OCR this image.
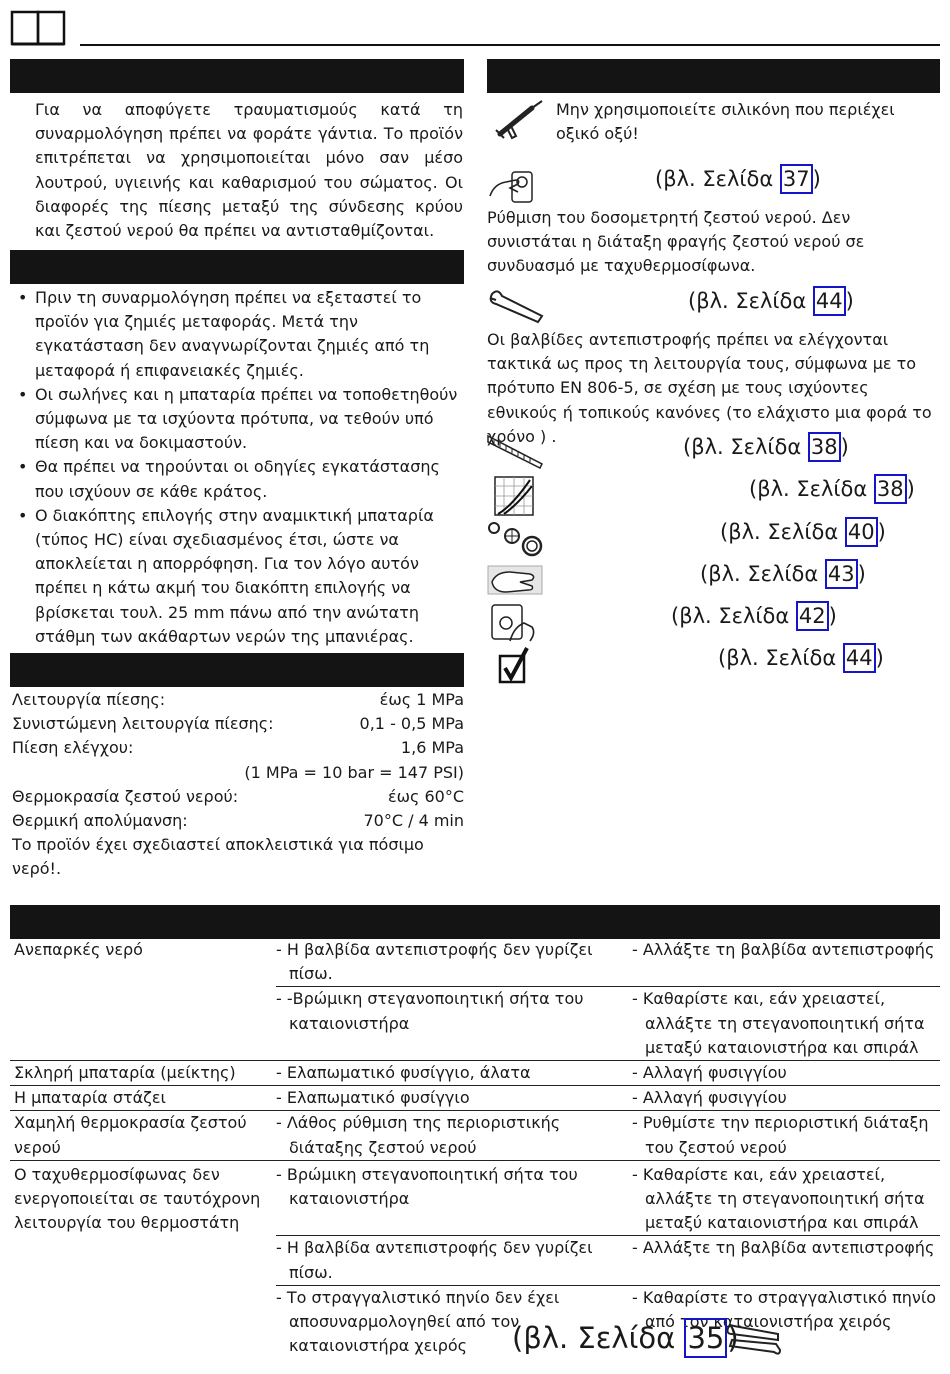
Για να αποφύγετε τραυματισμούς κατά τη συναρμολόγηση πρέπει να φοράτε γάντια. Το προϊόν επιτρέπεται να χρησιμοποιείται μόνο σαν μέσο λουτρού, υγιεινής και καθαρισμού του σώματος. Οι διαφορές της πίεσης μεταξύ της σύνδεσης κρύου και ζεστού νερού θα πρέπει να αντισταθμίζονται.

• Πριν τη συναρμολόγηση πρέπει να εξεταστεί το προϊόν για ζημιές μεταφοράς. Μετά την εγκατάσταση δεν αναγνωρίζονται ζημιές από τη μεταφορά ή επιφανειακές ζημιές.
• Οι σωλήνες και η μπαταρία πρέπει να τοποθετηθούν σύμφωνα με τα ισχύοντα πρότυπα, να τεθούν υπό πίεση και να δοκιμαστούν.
• Θα πρέπει να τηρούνται οι οδηγίες εγκατάστασης που ισχύουν σε κάθε κράτος.
• Ο διακόπτης επιλογής στην αναμικτική μπαταρία (τύπος HC) είναι σχεδιασμένος έτσι, ώστε να αποκλείεται η απορρόφηση. Για τον λόγο αυτόν πρέπει η κάτω ακμή του διακόπτη επιλογής να βρίσκεται τουλ. 25 mm πάνω από την ανώτατη στάθμη των ακάθαρτων νερών της μπανιέρας.
Λειτουργία πίεσης:	έως 1 MPa
Συνιστώμενη λειτουργία πίεσης:	0,1 - 0,5 MPa
Πίεση ελέγχου:	1,6 MPa
(1 MPa = 10 bar = 147 PSI)
Θερμοκρασία ζεστού νερού:	έως 60°C
Θερμική απολύμανση:	70°C / 4 min
Το προϊόν έχει σχεδιαστεί αποκλειστικά για πόσιμο νερό!.

Μην χρησιμοποιείτε σιλικόνη που περιέχει οξικό οξύ!

(βλ. Σελίδα 37 )

Ρύθμιση του δοσομετρητή ζεστού νερού. Δεν συνιστάται η διάταξη φραγής ζεστού νερού σε συνδυασμό με ταχυθερμοσίφωνα.

(βλ. Σελίδα 44 )

Οι βαλβίδες αντεπιστροφής πρέπει να ελέγχονται τακτικά ως προς τη λειτουργία τους, σύμφωνα με το πρότυπο EN 806-5, σε σχέση με τους ισχύοντες εθνικούς ή τοπικούς κανόνες (το ελάχιστο μια φορά το χρόνο ) .	(βλ. Σελίδα 38 )
(βλ. Σελίδα 38 )
(βλ. Σελίδα 40 )
(βλ. Σελίδα 43 )
(βλ. Σελίδα 42 )
(βλ. Σελίδα 44 )
Ανεπαρκές νερό	- Η βαλβίδα αντεπιστροφής δεν γυρίζει πίσω.	- Αλλάξτε τη βαλβίδα αντεπιστροφής

	- -Βρώμικη στεγανοποιητική σήτα του καταιονιστήρα	- Καθαρίστε και, εάν χρειαστεί, αλλάξτε τη στεγανοποιητική σήτα μεταξύ καταιονιστήρα και σπιράλ

Σκληρή μπαταρία (μείκτης)	- Ελαπωματικό φυσίγγιο, άλατα	- Αλλαγή φυσιγγίου

Η μπαταρία στάζει	- Ελαπωματικό φυσίγγιο	- Αλλαγή φυσιγγίου

Χαμηλή θερμοκρασία ζεστού νερού	- Λάθος ρύθμιση της περιοριστικής διάταξης ζεστού νερού	- Ρυθμίστε την περιοριστική διάταξη του ζεστού νερού

Ο ταχυθερμοσίφωνας δεν ενεργοποιείται σε ταυτόχρονη λειτουργία του θερμοστάτη	- Βρώμικη στεγανοποιητική σήτα του καταιονιστήρα	- Καθαρίστε και, εάν χρειαστεί, αλλάξτε τη στεγανοποιητική σήτα μεταξύ καταιονιστήρα και σπιράλ

	- Η βαλβίδα αντεπιστροφής δεν γυρίζει πίσω.	- Αλλάξτε τη βαλβίδα αντεπιστροφής

	- Το στραγγαλιστικό πηνίο δεν έχει αποσυναρμολογηθεί από τον καταιονιστήρα χειρός	- Καθαρίστε το στραγγαλιστικό πηνίο από τον καταιονιστήρα χειρός
(βλ. Σελίδα 35 )
